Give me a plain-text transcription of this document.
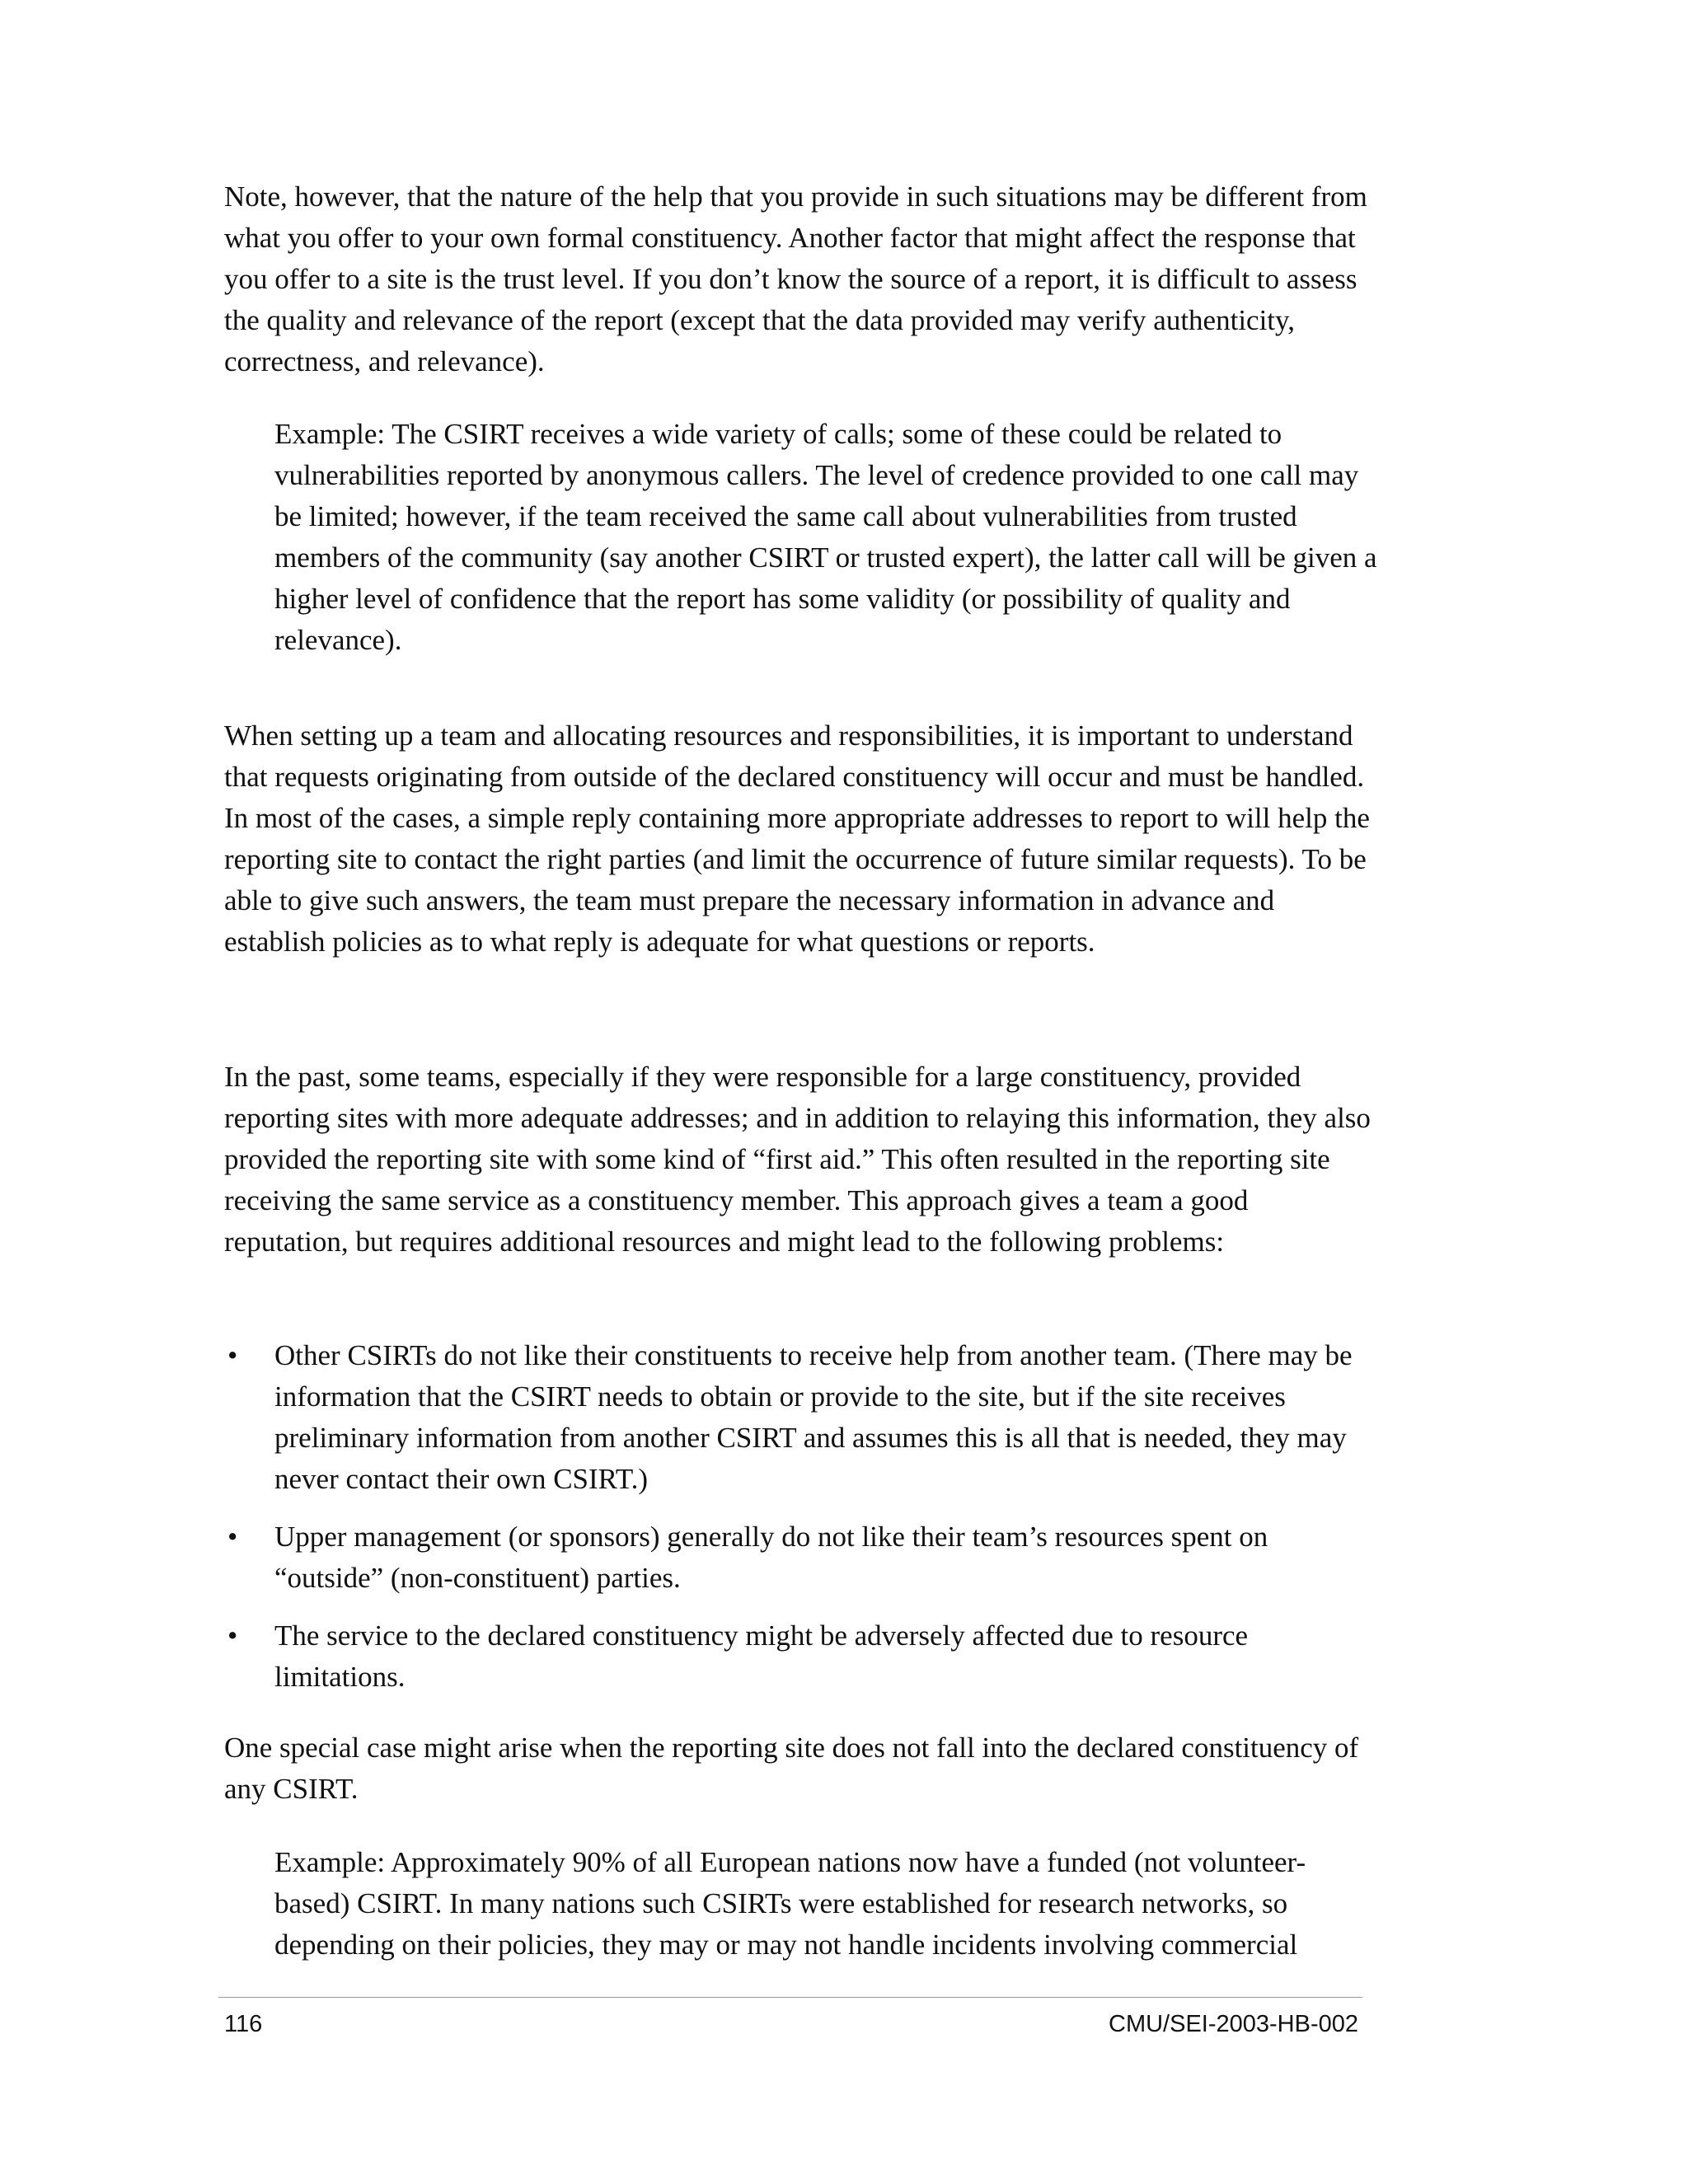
Note, however, that the nature of the help that you provide in such situations may be different from what you offer to your own formal constituency. Another factor that might affect the response that you offer to a site is the trust level. If you don’t know the source of a report, it is difficult to assess the quality and relevance of the report (except that the data provided may verify authenticity, correctness, and relevance).

Example: The CSIRT receives a wide variety of calls; some of these could be related to vulnerabilities reported by anonymous callers. The level of credence provided to one call may be limited; however, if the team received the same call about vulnerabilities from trusted members of the community (say another CSIRT or trusted expert), the latter call will be given a higher level of confidence that the report has some validity (or possibility of quality and relevance).

When setting up a team and allocating resources and responsibilities, it is important to understand that requests originating from outside of the declared constituency will occur and must be handled. In most of the cases, a simple reply containing more appropriate addresses to report to will help the reporting site to contact the right parties (and limit the occurrence of future similar requests). To be able to give such answers, the team must prepare the necessary information in advance and establish policies as to what reply is adequate for what questions or reports.

In the past, some teams, especially if they were responsible for a large constituency, provided reporting sites with more adequate addresses; and in addition to relaying this information, they also provided the reporting site with some kind of “first aid.” This often resulted in the reporting site receiving the same service as a constituency member. This approach gives a team a good reputation, but requires additional resources and might lead to the following problems:

• Other CSIRTs do not like their constituents to receive help from another team. (There may be information that the CSIRT needs to obtain or provide to the site, but if the site receives preliminary information from another CSIRT and assumes this is all that is needed, they may never contact their own CSIRT.)
• Upper management (or sponsors) generally do not like their team’s resources spent on “outside” (non-constituent) parties.
• The service to the declared constituency might be adversely affected due to resource limitations.

One special case might arise when the reporting site does not fall into the declared constituency of any CSIRT.

Example: Approximately 90% of all European nations now have a funded (not volunteer-based) CSIRT. In many nations such CSIRTs were established for research networks, so depending on their policies, they may or may not handle incidents involving commercial

116	CMU/SEI-2003-HB-002
